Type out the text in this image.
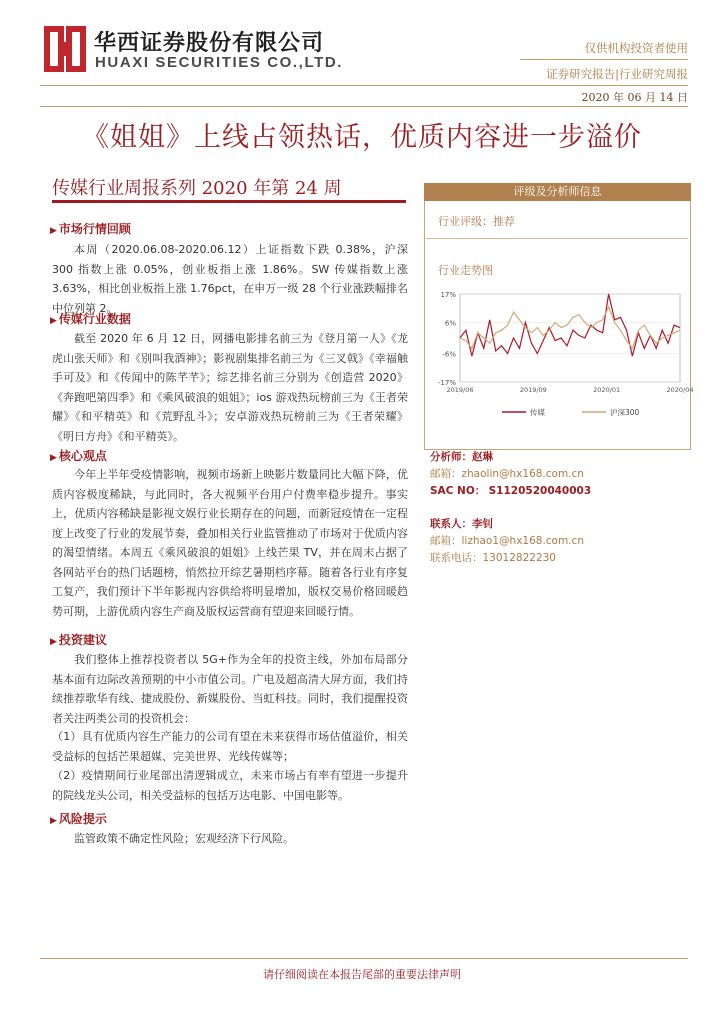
华西证券股份有限公司
HUAXI SECURITIES CO.,LTD.
仅供机构投资者使用
证券研究报告|行业研究周报
2020 年 06 月 14 日
《姐姐》上线占领热话，优质内容进一步溢价
传媒行业周报系列 2020 年第 24 周
▶ 市场行情回顾

本周（2020.06.08-2020.06.12）上证指数下跌 0.38%，沪深 300 指数上涨 0.05%，创业板指上涨 1.86%。SW 传媒指数上涨 3.63%，相比创业板指上涨 1.76pct，在申万一级 28 个行业涨跌幅排名中位列第 2。

▶ 传媒行业数据

截至 2020 年 6 月 12 日，网播电影排名前三为《登月第一人》《龙虎山张天师》和《别叫我酒神》；影视剧集排名前三为《三叉戟》《幸福触手可及》和《传闻中的陈芊芊》；综艺排名前三分别为《创造营 2020》《奔跑吧第四季》和《乘风破浪的姐姐》；ios 游戏热玩榜前三为《王者荣耀》《和平精英》和《荒野乱斗》；安卓游戏热玩榜前三为《王者荣耀》《明日方舟》《和平精英》。

▶ 核心观点

今年上半年受疫情影响，视频市场新上映影片数量同比大幅下降，优质内容极度稀缺，与此同时，各大视频平台用户付费率稳步提升。事实上，优质内容稀缺是影视文娱行业长期存在的问题，而新冠疫情在一定程度上改变了行业的发展节奏，叠加相关行业监管推动了市场对于优质内容的渴望情绪。本周五《乘风破浪的姐姐》上线芒果 TV，并在周末占据了各网站平台的热门话题榜，悄然拉开综艺暑期档序幕。随着各行业有序复工复产，我们预计下半年影视内容供给将明显增加，版权交易价格回暖趋势可期，上游优质内容生产商及版权运营商有望迎来回暖行情。

▶ 投资建议

我们整体上推荐投资者以 5G+作为全年的投资主线，外加布局部分基本面有边际改善预期的中小市值公司。广电及超高清大屏方面，我们持续推荐歌华有线、捷成股份、新媒股份、当虹科技。同时，我们提醒投资者关注两类公司的投资机会：

（1）具有优质内容生产能力的公司有望在未来获得市场估值溢价，相关受益标的包括芒果超媒、完美世界、光线传媒等；

（2）疫情期间行业尾部出清逻辑成立，未来市场占有率有望进一步提升的院线龙头公司，相关受益标的包括万达电影、中国电影等。

▶ 风险提示

监管政策不确定性风险；宏观经济下行风险。

评级及分析师信息
行业评级：推荐
行业走势图
17%
6%
-6%
-17%
2019/06	2019/09	2020/01	2020/04
传媒	沪深300
分析师：赵琳
邮箱：zhaolin@hx168.com.cn
SAC NO： S1120520040003
联系人：李钊
邮箱：lizhao1@hx168.com.cn
联系电话：13012822230
请仔细阅读在本报告尾部的重要法律声明
